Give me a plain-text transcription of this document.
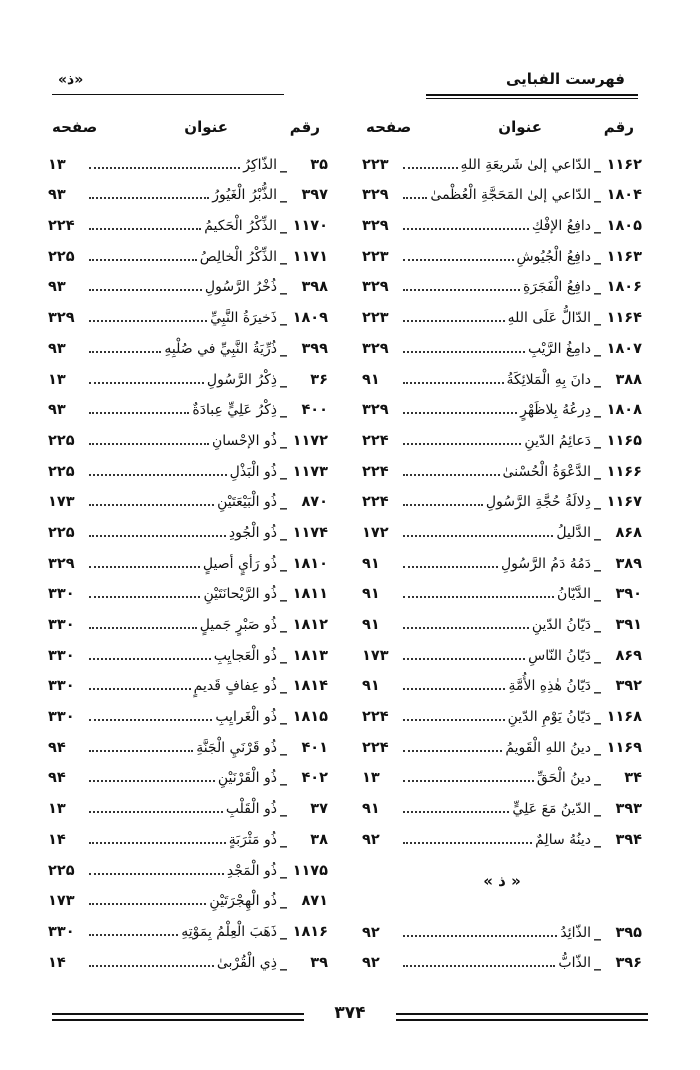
فهرست الفبایی
«ذ»
رقم
عنوان
صفحه
۱۱۶۲
_
الدّاعي إلىٰ شَريعَةِ اللهِ
۲۲۳
۱۸۰۴
_
الدّاعي إلىٰ المَحَجَّةِ الْعُظْمىٰ
۳۲۹
۱۸۰۵
_
دافِعُ الإفْكِ
۳۲۹
۱۱۶۳
_
دافِعُ الْجُيُوشِ
۲۲۳
۱۸۰۶
_
دافِعُ الْفَجَرَةِ
۳۲۹
۱۱۶۴
_
الدّالُّ عَلَى اللهِ
۲۲۳
۱۸۰۷
_
دامِغُ الرَّيْبِ
۳۲۹
۳۸۸
_
دانَ بِهِ الْمَلائِكَةُ
۹۱
۱۸۰۸
_
دِرعُهُ بِلاظَهْرٍ
۳۲۹
۱۱۶۵
_
دَعائِمُ الدّينِ
۲۲۴
۱۱۶۶
_
الدَّعْوَةُ الْحُسْنىٰ
۲۲۴
۱۱۶۷
_
دِلالَةُ حُجَّةِ الرَّسُولِ
۲۲۴
۸۶۸
_
الدَّليلُ
۱۷۲
۳۸۹
_
دَمُهُ دَمُ الرَّسُولِ
۹۱
۳۹۰
_
الدَّيّانُ
۹۱
۳۹۱
_
دَيّانُ الدّينِ
۹۱
۸۶۹
_
دَيّانُ النّاسِ
۱۷۳
۳۹۲
_
دَيّانُ هٰذِهِ الأُمَّةِ
۹۱
۱۱۶۸
_
دَيّانُ يَوْمِ الدّينِ
۲۲۴
۱۱۶۹
_
دينُ اللهِ الْقَويمُ
۲۲۴
۳۴
_
دينُ الْحَقِّ
۱۳
۳۹۳
_
الدّينُ مَعَ عَلِيٍّ
۹۱
۳۹۴
_
دينُهُ سالِمٌ
۹۲
« ذ »
۳۹۵
_
الذّائِدُ
۹۲
۳۹۶
_
الذّابُّ
۹۲
رقم
عنوان
صفحه
۳۵
_
الذّاكِرُ
۱۳
۳۹۷
_
الذُّبْرُ الْغَيُورُ
۹۳
۱۱۷۰
_
الذِّكْرُ الْحَكيمُ
۲۲۴
۱۱۷۱
_
الذِّكْرُ الْخالِصُ
۲۲۵
۳۹۸
_
ذُخْرُ الرَّسُولِ
۹۳
۱۸۰۹
_
ذَخيرَةُ النَّبِيِّ
۳۲۹
۳۹۹
_
ذُرِّيَةُ النَّبِيِّ في صُلْبِهِ
۹۳
۳۶
_
ذِكْرُ الرَّسُولِ
۱۳
۴۰۰
_
ذِكْرُ عَلِيٍّ عِبادَةٌ
۹۳
۱۱۷۲
_
ذُو الإحْسانِ
۲۲۵
۱۱۷۳
_
ذُو الْبَذْلِ
۲۲۵
۸۷۰
_
ذُو الْبَيْعَتَيْنِ
۱۷۳
۱۱۷۴
_
ذُو الْجُودِ
۲۲۵
۱۸۱۰
_
ذُو رَأيٍ أصيلٍ
۳۲۹
۱۸۱۱
_
ذُو الرَّيْحانَتَيْنِ
۳۳۰
۱۸۱۲
_
ذُو صَبْرٍ جَميلٍ
۳۳۰
۱۸۱۳
_
ذُو الْعَجايِبِ
۳۳۰
۱۸۱۴
_
ذُو عِفافٍ قَديمٍ
۳۳۰
۱۸۱۵
_
ذُو الْغَرايِبِ
۳۳۰
۴۰۱
_
ذُو قَرْنَيِ الْجَنَّةِ
۹۴
۴۰۲
_
ذُو الْقَرْنَيْنِ
۹۴
۳۷
_
ذُو الْقَلْبِ
۱۳
۳۸
_
ذُو مَثْرَبَةٍ
۱۴
۱۱۷۵
_
ذُو الْمَجْدِ
۲۲۵
۸۷۱
_
ذُو الْهِجْرَتَيْنِ
۱۷۳
۱۸۱۶
_
ذَهَبَ الْعِلْمُ بِمَوْتِهِ
۳۳۰
۳۹
_
ذِي الْقُرْبىٰ
۱۴
۳۷۴
